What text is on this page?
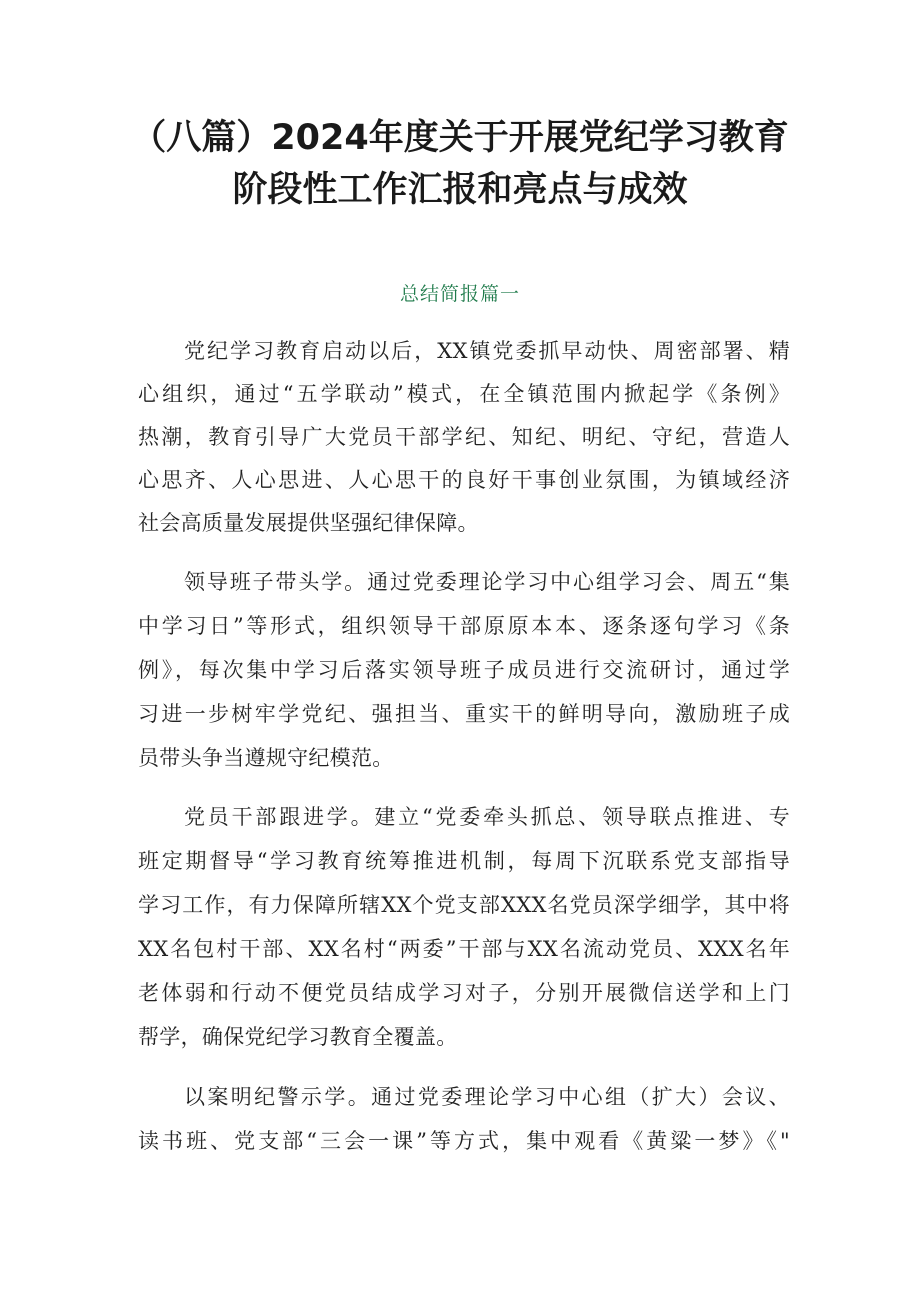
（八篇）2024年度关于开展党纪学习教育
阶段性工作汇报和亮点与成效
总结简报篇一
党纪学习教育启动以后，XX镇党委抓早动快、周密部署、精
心组织，通过“五学联动”模式，在全镇范围内掀起学《条例》
热潮，教育引导广大党员干部学纪、知纪、明纪、守纪，营造人
心思齐、人心思进、人心思干的良好干事创业氛围，为镇域经济
社会高质量发展提供坚强纪律保障。
领导班子带头学。通过党委理论学习中心组学习会、周五“集
中学习日”等形式，组织领导干部原原本本、逐条逐句学习《条
例》，每次集中学习后落实领导班子成员进行交流研讨，通过学
习进一步树牢学党纪、强担当、重实干的鲜明导向，激励班子成
员带头争当遵规守纪模范。
党员干部跟进学。建立“党委牵头抓总、领导联点推进、专
班定期督导“学习教育统筹推进机制，每周下沉联系党支部指导
学习工作，有力保障所辖XX个党支部XXX名党员深学细学，其中将
XX名包村干部、XX名村“两委”干部与XX名流动党员、XXX名年
老体弱和行动不便党员结成学习对子，分别开展微信送学和上门
帮学，确保党纪学习教育全覆盖。
以案明纪警示学。通过党委理论学习中心组（扩大）会议、
读书班、党支部“三会一课”等方式，集中观看《黄粱一梦》《"
